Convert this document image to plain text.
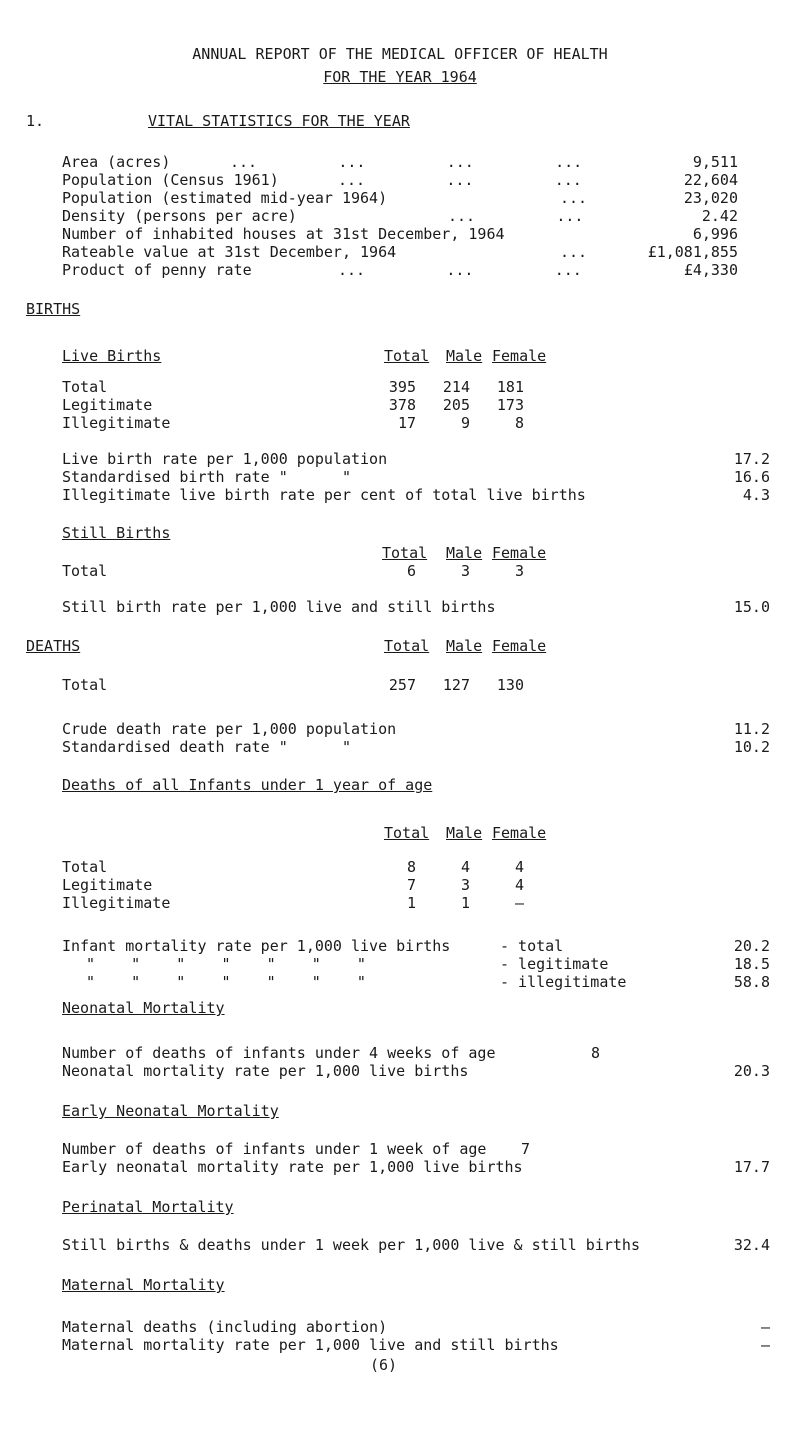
ANNUAL REPORT OF THE MEDICAL OFFICER OF HEALTH
FOR THE YEAR 1964
1.	VITAL STATISTICS FOR THE YEAR
Area (acres)	...         ...         ...         ...	9,511
Population (Census 1961)	...         ...         ...	22,604
Population (estimated mid-year 1964)	...	23,020
Density (persons per acre)	...         ...	2.42
Number of inhabited houses at 31st December, 1964	6,996
Rateable value at 31st December, 1964	...	£1,081,855
Product of penny rate	...         ...         ...	£4,330
BIRTHS
Live Births	Total Male Female
Total	395	214	181
Legitimate	378	205	173
Illegitimate	17	9	8
Live birth rate per 1,000 population	17.2
Standardised birth rate "      "	16.6
Illegitimate live birth rate per cent of total live births	4.3
Still Births
Total Male Female
Total	6	3	3
Still birth rate per 1,000 live and still births	15.0
DEATHS	Total Male Female
Total	257	127	130
Crude death rate per 1,000 population	11.2
Standardised death rate "      "	10.2
Deaths of all Infants under 1 year of age
Total Male Female
Total	8	4	4
Legitimate	7	3	4
Illegitimate	1	1	–
Infant mortality rate per 1,000 live births	- total	20.2
"    "    "    "    "    "    "	- legitimate	18.5
"    "    "    "    "    "    "	- illegitimate	58.8
Neonatal Mortality
Number of deaths of infants under 4 weeks of age	8
Neonatal mortality rate per 1,000 live births	20.3
Early Neonatal Mortality
Number of deaths of infants under 1 week of age	7
Early neonatal mortality rate per 1,000 live births	17.7
Perinatal Mortality
Still births & deaths under 1 week per 1,000 live & still births	32.4
Maternal Mortality
Maternal deaths (including abortion)	–
Maternal mortality rate per 1,000 live and still births	–
(6)
